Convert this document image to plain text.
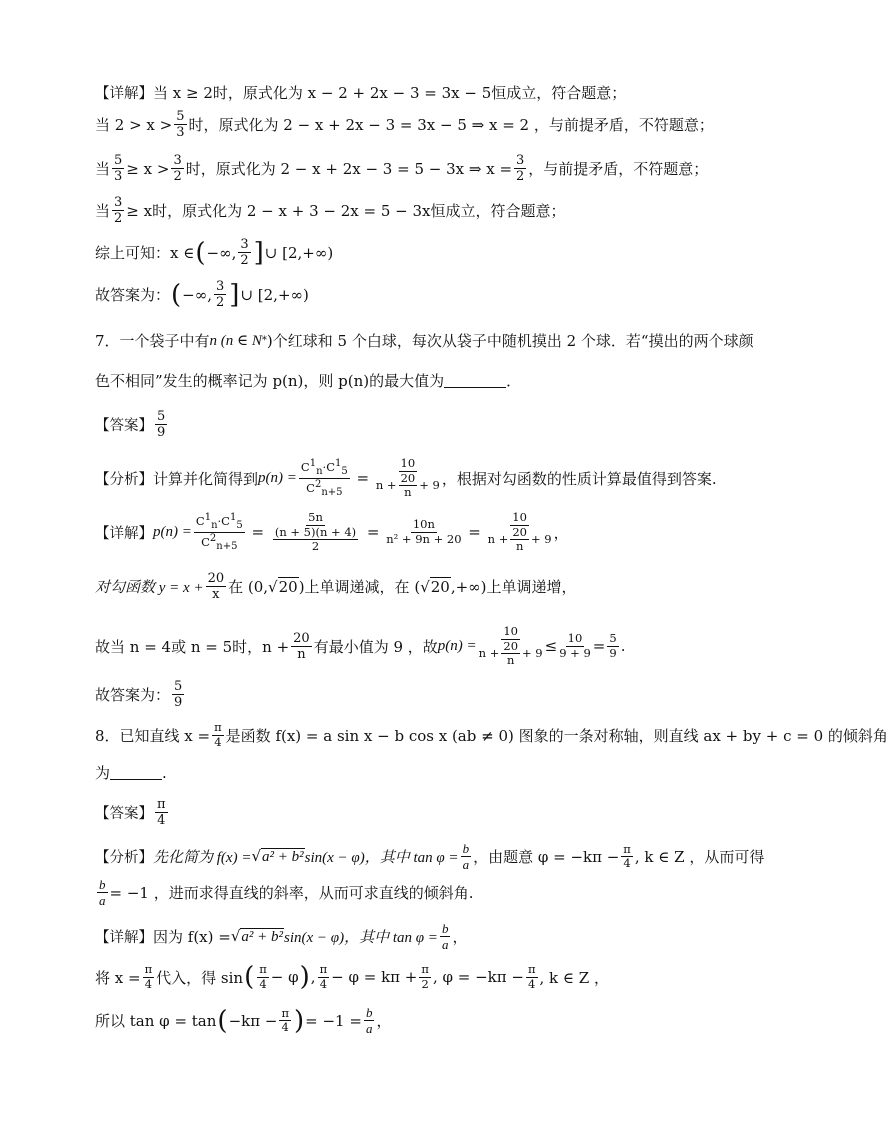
【详解】 当 x ≥ 2时，原式化为 x − 2 + 2x − 3 = 3x − 5恒成立，符合题意；
当 $2 > x > \frac{5}{3}$ 时，原式化为 2 − x + 2x − 3 = 3x − 5 ⇒ x = 2 ，与前提矛盾，不符题意；
当 $\frac{5}{3} \ge x > \frac{3}{2}$ 时，原式化为 2 − x + 2x − 3 = 5 − 3x ⇒ $x = \frac{3}{2}$ ，与前提矛盾，不符题意；
当 $\frac{3}{2} \ge x$时，原式化为 2 − x + 3 − 2x = 5 − 3x恒成立，符合题意；
综上可知：x ∈ ( −∞, $\frac{3}{2}$ ] ∪ [2,+∞)
故答案为： ( −∞, $\frac{3}{2}$ ] ∪ [2,+∞)
7．一个袋子中有 n (n ∈ N * )个红球和 5 个白球，每次从袋子中随机摸出 2 个球．若“摸出的两个球颜
色不相同”发生的概率记为 p(n)，则 p(n)的最大值为	．
【答案】 $\frac{5}{9}$
【分析】 计算并化简得到 $p(n) = \frac{C^1_n\cdot C^1_5}{C^2_{n+5}} = \frac{10}{n + \frac{20}{n} + 9}$ ，根据对勾函数的性质计算最值得到答案.
【详解】 $p(n) = \frac{C^1_n\cdot C^1_5}{C^2_{n+5}} = \frac{5n}{\frac{(n + 5)(n + 4)}{2}} = \frac{10n}{\text{n² + 9n + 20}} = \frac{10}{n + \frac{20}{n} + 9}$ ，
对勾函数 $y = x + \frac{20}{x}$ 在 (0, √20 )上单调递减，在 ( √20 ,+∞)上单调递增，
故当 n = 4或 n = 5时，$n + \frac{20}{n}$ 有最小值为 9 ，故 $p(n) = \frac{10}{n + \frac{20}{n} + 9} \le \frac{10}{9 + 9} = \frac{5}{9}$ .
故答案为： $\frac{5}{9}$
8．已知直线 $x = \frac{\pi}{4}$ 是函数 f(x) = a sin x − b cos x (ab ≠ 0) 图象的一条对称轴，则直线 ax + by + c = 0 的倾斜角
为	.
【答案】 $\frac{\pi}{4}$
【分析】 先化简为 f(x) = √a² + b² sin(x − φ)，其中 $\tan \varphi = \frac{b}{a}$ ，由题意 $\varphi = -k\pi - \frac{\pi}{4}$ , k ∈ Z ，从而可得
$\frac{b}{a} = -1$ ，进而求得直线的斜率，从而可求直线的倾斜角.
【详解】 因为 f(x) = √a² + b² sin(x − φ)，其中 $\tan \varphi = \frac{b}{a}$ ，
将 $x = \frac{\pi}{4}$ 代入，得 sin ( $\frac{\pi}{4} - \varphi$ ) , $\frac{\pi}{4} - \varphi = k\pi + \frac{\pi}{2}$ , $\varphi = -k\pi - \frac{\pi}{4}$ , k ∈ Z ，
所以 tan φ = tan ( $-k\pi - \frac{\pi}{4}$ ) = $-1 = \frac{b}{a}$ ，
